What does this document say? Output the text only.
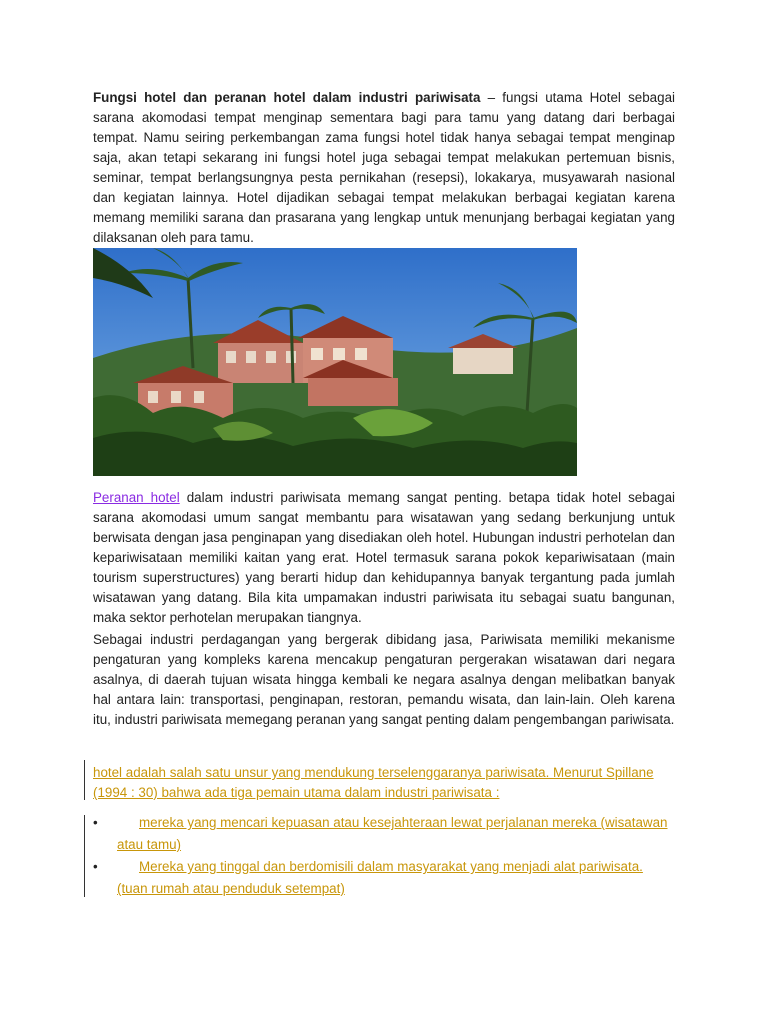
Fungsi hotel dan peranan hotel dalam industri pariwisata – fungsi utama Hotel sebagai sarana akomodasi tempat menginap sementara bagi para tamu yang datang dari berbagai tempat. Namu seiring perkembangan zama fungsi hotel tidak hanya sebagai tempat menginap saja, akan tetapi sekarang ini fungsi hotel juga sebagai tempat melakukan pertemuan bisnis, seminar, tempat berlangsungnya pesta pernikahan (resepsi), lokakarya, musyawarah nasional dan kegiatan lainnya. Hotel dijadikan sebagai tempat melakukan berbagai kegiatan karena memang memiliki sarana dan prasarana yang lengkap untuk menunjang berbagai kegiatan yang dilaksanan oleh para tamu.

Peranan hotel dalam industri pariwisata memang sangat penting. betapa tidak hotel sebagai sarana akomodasi umum sangat membantu para wisatawan yang sedang berkunjung untuk berwisata dengan jasa penginapan yang disediakan oleh hotel. Hubungan industri perhotelan dan kepariwisataan memiliki kaitan yang erat. Hotel termasuk sarana pokok kepariwisataan (main tourism superstructures) yang berarti hidup dan kehidupannya banyak tergantung pada jumlah wisatawan yang datang. Bila kita umpamakan industri pariwisata itu sebagai suatu bangunan, maka sektor perhotelan merupakan tiangnya.

Sebagai industri perdagangan yang bergerak dibidang jasa, Pariwisata memiliki mekanisme pengaturan yang kompleks karena mencakup pengaturan pergerakan wisatawan dari negara asalnya, di daerah tujuan wisata hingga kembali ke negara asalnya dengan melibatkan banyak hal antara lain: transportasi, penginapan, restoran, pemandu wisata, dan lain-lain. Oleh karena itu, industri pariwisata memegang peranan yang sangat penting dalam pengembangan pariwisata.

hotel adalah salah satu unsur yang mendukung terselenggaranya pariwisata. Menurut Spillane (1994 : 30) bahwa ada tiga pemain utama dalam industri pariwisata :
•	mereka yang mencari kepuasan atau kesejahteraan lewat perjalanan mereka (wisatawan atau tamu)
•	Mereka yang tinggal dan berdomisili dalam masyarakat yang menjadi alat pariwisata. (tuan rumah atau penduduk setempat)
